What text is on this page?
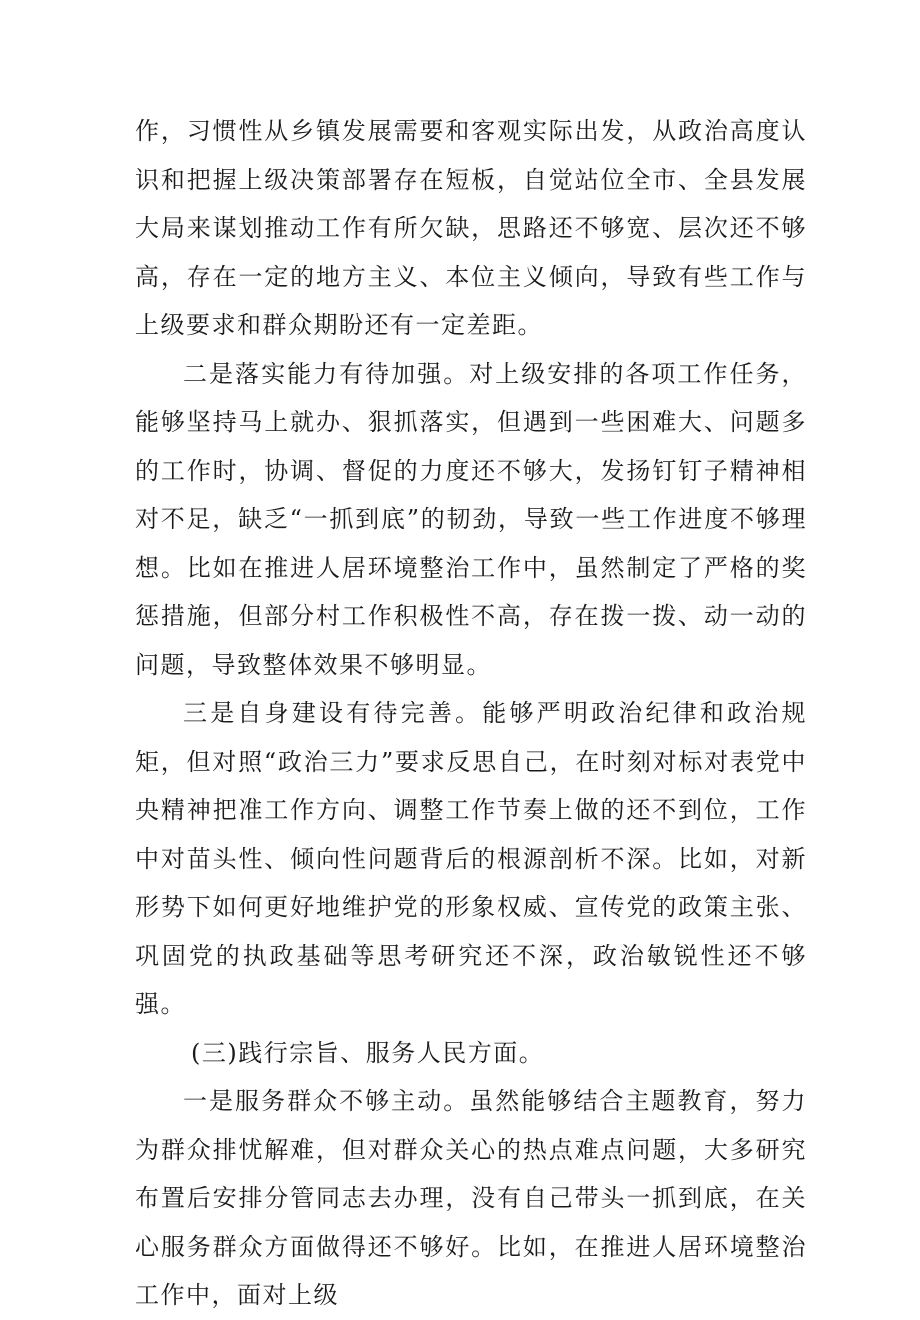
作，习惯性从乡镇发展需要和客观实际出发，从政治高度认识和把握上级决策部署存在短板，自觉站位全市、全县发展大局来谋划推动工作有所欠缺，思路还不够宽、层次还不够高，存在一定的地方主义、本位主义倾向，导致有些工作与上级要求和群众期盼还有一定差距。

二是落实能力有待加强。对上级安排的各项工作任务，能够坚持马上就办、狠抓落实，但遇到一些困难大、问题多的工作时，协调、督促的力度还不够大，发扬钉钉子精神相对不足，缺乏“一抓到底”的韧劲，导致一些工作进度不够理想。比如在推进人居环境整治工作中，虽然制定了严格的奖惩措施，但部分村工作积极性不高，存在拨一拨、动一动的问题，导致整体效果不够明显。

三是自身建设有待完善。能够严明政治纪律和政治规矩，但对照“政治三力”要求反思自己，在时刻对标对表党中央精神把准工作方向、调整工作节奏上做的还不到位，工作中对苗头性、倾向性问题背后的根源剖析不深。比如，对新形势下如何更好地维护党的形象权威、宣传党的政策主张、巩固党的执政基础等思考研究还不深，政治敏锐性还不够强。

(三)践行宗旨、服务人民方面。

一是服务群众不够主动。虽然能够结合主题教育，努力为群众排忧解难，但对群众关心的热点难点问题，大多研究布置后安排分管同志去办理，没有自己带头一抓到底，在关心服务群众方面做得还不够好。比如，在推进人居环境整治工作中，面对上级
